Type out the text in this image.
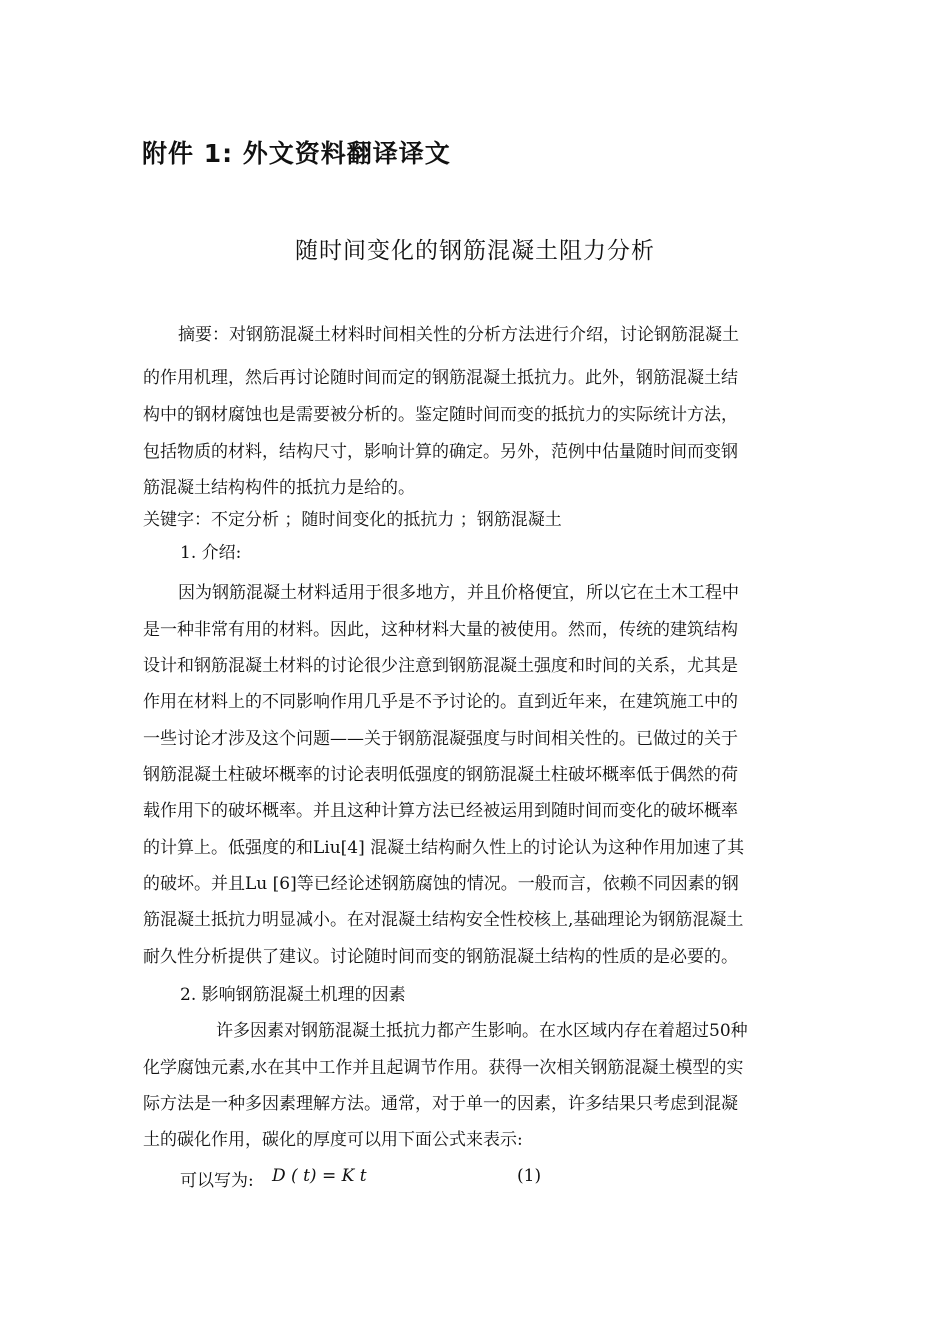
附件 1: 外文资料翻译译文
随时间变化的钢筋混凝土阻力分析
摘要：对钢筋混凝土材料时间相关性的分析方法进行介绍，讨论钢筋混凝土
的作用机理，然后再讨论随时间而定的钢筋混凝土抵抗力。此外，钢筋混凝土结
构中的钢材腐蚀也是需要被分析的。鉴定随时间而变的抵抗力的实际统计方法，
包括物质的材料，结构尺寸，影响计算的确定。另外，范例中估量随时间而变钢
筋混凝土结构构件的抵抗力是给的。
关键字：不定分析 ；随时间变化的抵抗力 ；钢筋混凝土
1. 介绍:
因为钢筋混凝土材料适用于很多地方，并且价格便宜，所以它在土木工程中
是一种非常有用的材料。因此，这种材料大量的被使用。然而，传统的建筑结构
设计和钢筋混凝土材料的讨论很少注意到钢筋混凝土强度和时间的关系，尤其是
作用在材料上的不同影响作用几乎是不予讨论的。直到近年来，在建筑施工中的
一些讨论才涉及这个问题——关于钢筋混凝强度与时间相关性的。已做过的关于
钢筋混凝土柱破坏概率的讨论表明低强度的钢筋混凝土柱破坏概率低于偶然的荷
载作用下的破坏概率。并且这种计算方法已经被运用到随时间而变化的破坏概率
的计算上。低强度的和Liu[4] 混凝土结构耐久性上的讨论认为这种作用加速了其
的破坏。并且Lu [6]等已经论述钢筋腐蚀的情况。一般而言，依赖不同因素的钢
筋混凝土抵抗力明显减小。在对混凝土结构安全性校核上,基础理论为钢筋混凝土
耐久性分析提供了建议。讨论随时间而变的钢筋混凝土结构的性质的是必要的。
2. 影响钢筋混凝土机理的因素
许多因素对钢筋混凝土抵抗力都产生影响。在水区域内存在着超过50种
化学腐蚀元素,水在其中工作并且起调节作用。获得一次相关钢筋混凝土模型的实
际方法是一种多因素理解方法。通常，对于单一的因素，许多结果只考虑到混凝
土的碳化作用，碳化的厚度可以用下面公式来表示:
可以写为: D ( t) = K t	(1)
